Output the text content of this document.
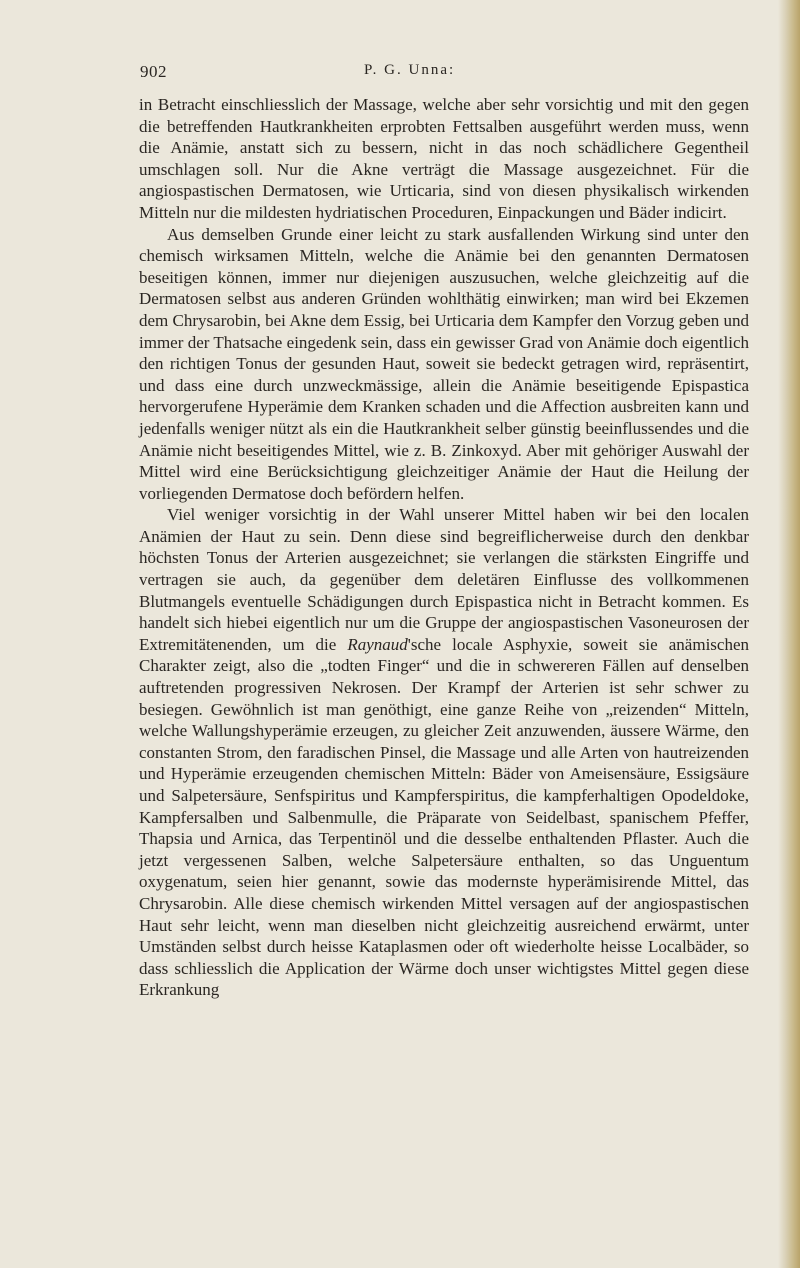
902	P. G. Unna:

in Betracht einschliesslich der Massage, welche aber sehr vorsichtig und mit den gegen die betreffenden Hautkrankheiten erprobten Fettsalben ausgeführt werden muss, wenn die Anämie, anstatt sich zu bessern, nicht in das noch schädlichere Gegentheil umschlagen soll. Nur die Akne verträgt die Massage ausgezeichnet. Für die angiospastischen Dermatosen, wie Urticaria, sind von diesen physikalisch wirkenden Mitteln nur die mildesten hydriatischen Proceduren, Einpackungen und Bäder indicirt.

Aus demselben Grunde einer leicht zu stark ausfallenden Wirkung sind unter den chemisch wirksamen Mitteln, welche die Anämie bei den genannten Dermatosen beseitigen können, immer nur diejenigen auszusuchen, welche gleichzeitig auf die Dermatosen selbst aus anderen Gründen wohlthätig einwirken; man wird bei Ekzemen dem Chrysarobin, bei Akne dem Essig, bei Urticaria dem Kampfer den Vorzug geben und immer der Thatsache eingedenk sein, dass ein gewisser Grad von Anämie doch eigentlich den richtigen Tonus der gesunden Haut, soweit sie bedeckt getragen wird, repräsentirt, und dass eine durch unzweckmässige, allein die Anämie beseitigende Epispastica hervorgerufene Hyperämie dem Kranken schaden und die Affection ausbreiten kann und jedenfalls weniger nützt als ein die Hautkrankheit selber günstig beeinflussendes und die Anämie nicht beseitigendes Mittel, wie z. B. Zinkoxyd. Aber mit gehöriger Auswahl der Mittel wird eine Berücksichtigung gleichzeitiger Anämie der Haut die Heilung der vorliegenden Dermatose doch befördern helfen.

Viel weniger vorsichtig in der Wahl unserer Mittel haben wir bei den localen Anämien der Haut zu sein. Denn diese sind begreiflicherweise durch den denkbar höchsten Tonus der Arterien ausgezeichnet; sie verlangen die stärksten Eingriffe und vertragen sie auch, da gegenüber dem deletären Einflusse des vollkommenen Blutmangels eventuelle Schädigungen durch Epispastica nicht in Betracht kommen. Es handelt sich hiebei eigentlich nur um die Gruppe der angiospastischen Vasoneurosen der Extremitätenenden, um die Raynaud'sche locale Asphyxie, soweit sie anämischen Charakter zeigt, also die „todten Finger“ und die in schwereren Fällen auf denselben auftretenden progressiven Nekrosen. Der Krampf der Arterien ist sehr schwer zu besiegen. Gewöhnlich ist man genöthigt, eine ganze Reihe von „reizenden“ Mitteln, welche Wallungshyperämie erzeugen, zu gleicher Zeit anzuwenden, äussere Wärme, den constanten Strom, den faradischen Pinsel, die Massage und alle Arten von hautreizenden und Hyperämie erzeugenden chemischen Mitteln: Bäder von Ameisensäure, Essigsäure und Salpetersäure, Senfspiritus und Kampferspiritus, die kampferhaltigen Opodeldoke, Kampfersalben und Salbenmulle, die Präparate von Seidelbast, spanischem Pfeffer, Thapsia und Arnica, das Terpentinöl und die desselbe enthaltenden Pflaster. Auch die jetzt vergessenen Salben, welche Salpetersäure enthalten, so das Unguentum oxygenatum, seien hier genannt, sowie das modernste hyperämisirende Mittel, das Chrysarobin. Alle diese chemisch wirkenden Mittel versagen auf der angiospastischen Haut sehr leicht, wenn man dieselben nicht gleichzeitig ausreichend erwärmt, unter Umständen selbst durch heisse Kataplasmen oder oft wiederholte heisse Localbäder, so dass schliesslich die Application der Wärme doch unser wichtigstes Mittel gegen diese Erkrankung
